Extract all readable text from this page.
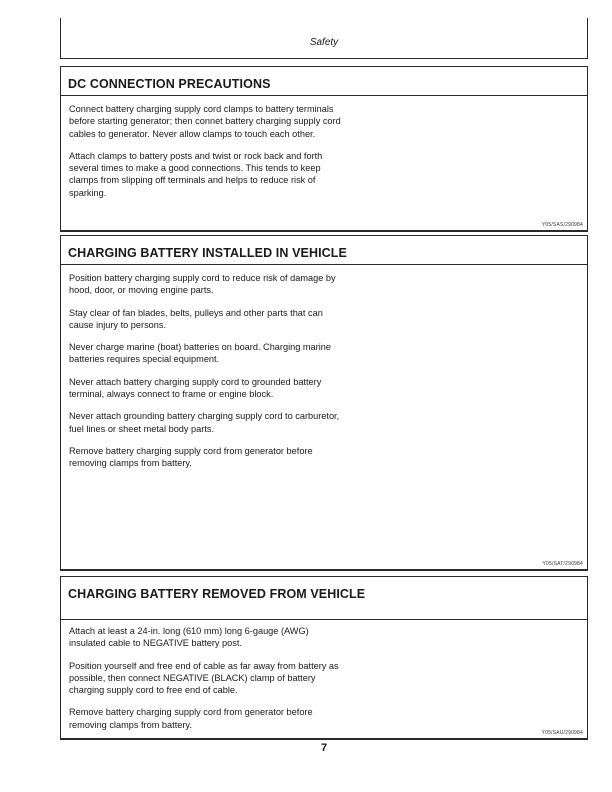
Safety
DC CONNECTION PRECAUTIONS

Connect battery charging supply cord clamps to battery terminals before starting generator; then connet battery charging supply cord cables to generator. Never allow clamps to touch each other.

Attach clamps to battery posts and twist or rock back and forth several times to make a good connections. This tends to keep clamps from slipping off terminals and helps to reduce risk of sparking.

Y05/SAS/290984
CHARGING BATTERY INSTALLED IN VEHICLE

Position battery charging supply cord to reduce risk of damage by hood, door, or moving engine parts.

Stay clear of fan blades, belts, pulleys and other parts that can cause injury to persons.

Never charge marine (boat) batteries on board. Charging marine batteries requires special equipment.

Never attach battery charging supply cord to grounded battery terminal, always connect to frame or engine block.

Never attach grounding battery charging supply cord to carburetor, fuel lines or sheet metal body parts.

Remove battery charging supply cord from generator before removing clamps from battery.

Y05/SAT/290984
CHARGING BATTERY REMOVED FROM VEHICLE

Attach at least a 24-in. long (610 mm) long 6-gauge (AWG) insulated cable to NEGATIVE battery post.

Position yourself and free end of cable as far away from battery as possible, then connect NEGATIVE (BLACK) clamp of battery charging supply cord to free end of cable.

Remove battery charging supply cord from generator before removing clamps from battery.

Y05/SAU/290984
7
